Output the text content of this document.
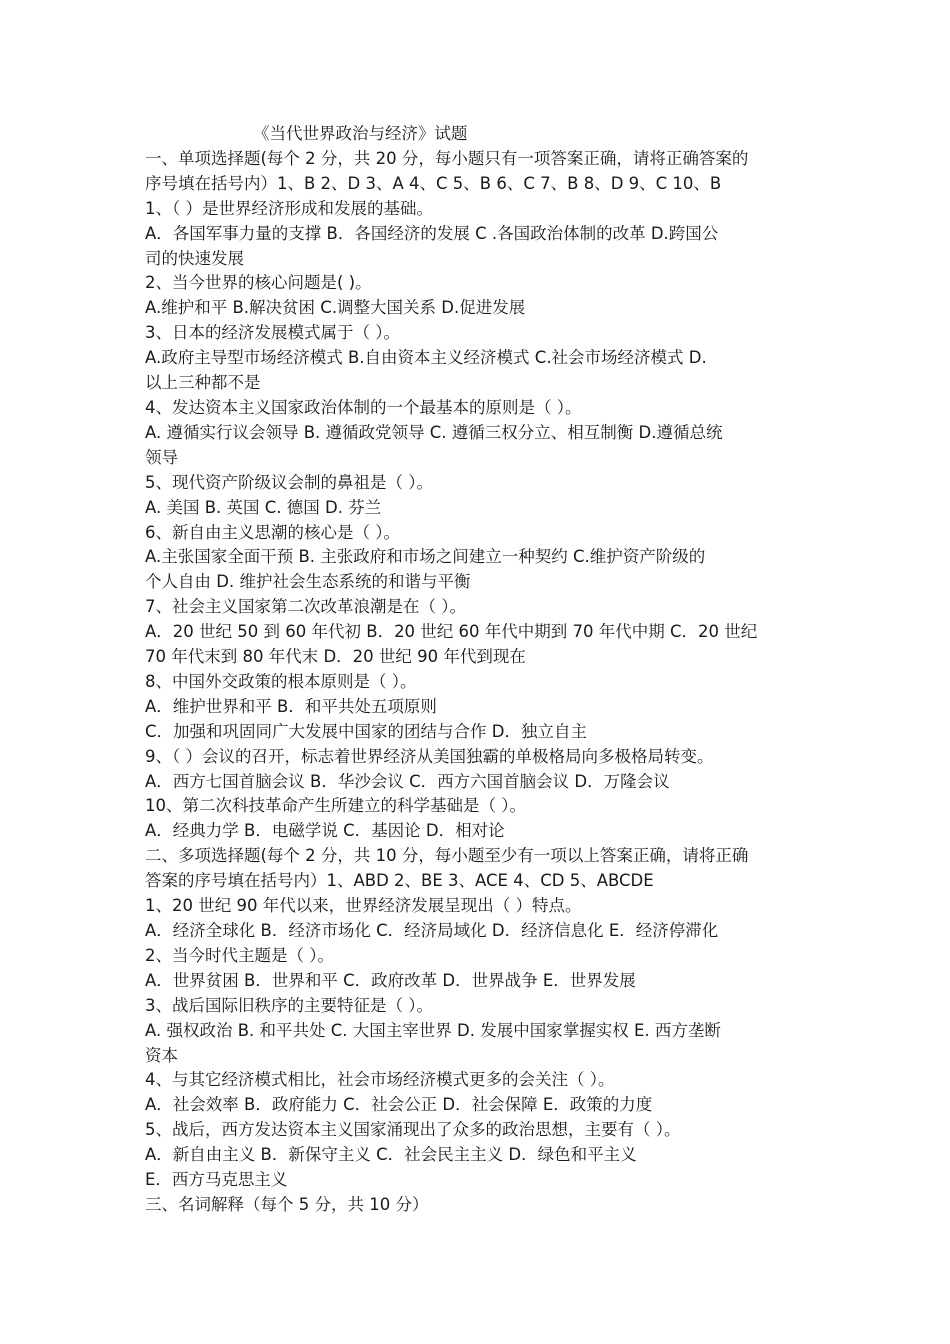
《当代世界政治与经济》试题
一、单项选择题(每个 2 分，共 20 分，每小题只有一项答案正确，请将正确答案的
序号填在括号内）1、B 2、D 3、A 4、C 5、B 6、C 7、B 8、D 9、C 10、B
1、（ ）是世界经济形成和发展的基础。
A．各国军事力量的支撑 B．各国经济的发展 C .各国政治体制的改革 D.跨国公
司的快速发展
2、当今世界的核心问题是( )。
A.维护和平 B.解决贫困 C.调整大国关系 D.促进发展
3、日本的经济发展模式属于（ ）。
A.政府主导型市场经济模式 B.自由资本主义经济模式 C.社会市场经济模式 D.
以上三种都不是
4、发达资本主义国家政治体制的一个最基本的原则是（ ）。
A. 遵循实行议会领导 B. 遵循政党领导 C. 遵循三权分立、相互制衡 D.遵循总统
领导
5、现代资产阶级议会制的鼻祖是（ ）。
A. 美国 B. 英国 C. 德国 D. 芬兰
6、新自由主义思潮的核心是（ ）。
A.主张国家全面干预 B. 主张政府和市场之间建立一种契约 C.维护资产阶级的
个人自由 D. 维护社会生态系统的和谐与平衡
7、社会主义国家第二次改革浪潮是在（ ）。
A．20 世纪 50 到 60 年代初 B．20 世纪 60 年代中期到 70 年代中期 C．20 世纪
70 年代末到 80 年代末 D．20 世纪 90 年代到现在
8、中国外交政策的根本原则是（ ）。
A．维护世界和平 B．和平共处五项原则
C．加强和巩固同广大发展中国家的团结与合作 D．独立自主
9、（ ）会议的召开，标志着世界经济从美国独霸的单极格局向多极格局转变。
A．西方七国首脑会议 B．华沙会议 C．西方六国首脑会议 D．万隆会议
10、第二次科技革命产生所建立的科学基础是（ ）。
A．经典力学 B．电磁学说 C．基因论 D．相对论
二、多项选择题(每个 2 分，共 10 分，每小题至少有一项以上答案正确，请将正确
答案的序号填在括号内）1、ABD 2、BE 3、ACE 4、CD 5、ABCDE
1、20 世纪 90 年代以来，世界经济发展呈现出（ ）特点。
A．经济全球化 B．经济市场化 C．经济局域化 D．经济信息化 E．经济停滞化
2、当今时代主题是（ ）。
A．世界贫困 B．世界和平 C．政府改革 D．世界战争 E．世界发展
3、战后国际旧秩序的主要特征是（ ）。
A. 强权政治 B. 和平共处 C. 大国主宰世界 D. 发展中国家掌握实权 E. 西方垄断
资本
4、与其它经济模式相比，社会市场经济模式更多的会关注（ ）。
A．社会效率 B．政府能力 C．社会公正 D．社会保障 E．政策的力度
5、战后，西方发达资本主义国家涌现出了众多的政治思想，主要有（ ）。
A．新自由主义 B．新保守主义 C．社会民主主义 D．绿色和平主义
E．西方马克思主义
三、名词解释（每个 5 分，共 10 分）
